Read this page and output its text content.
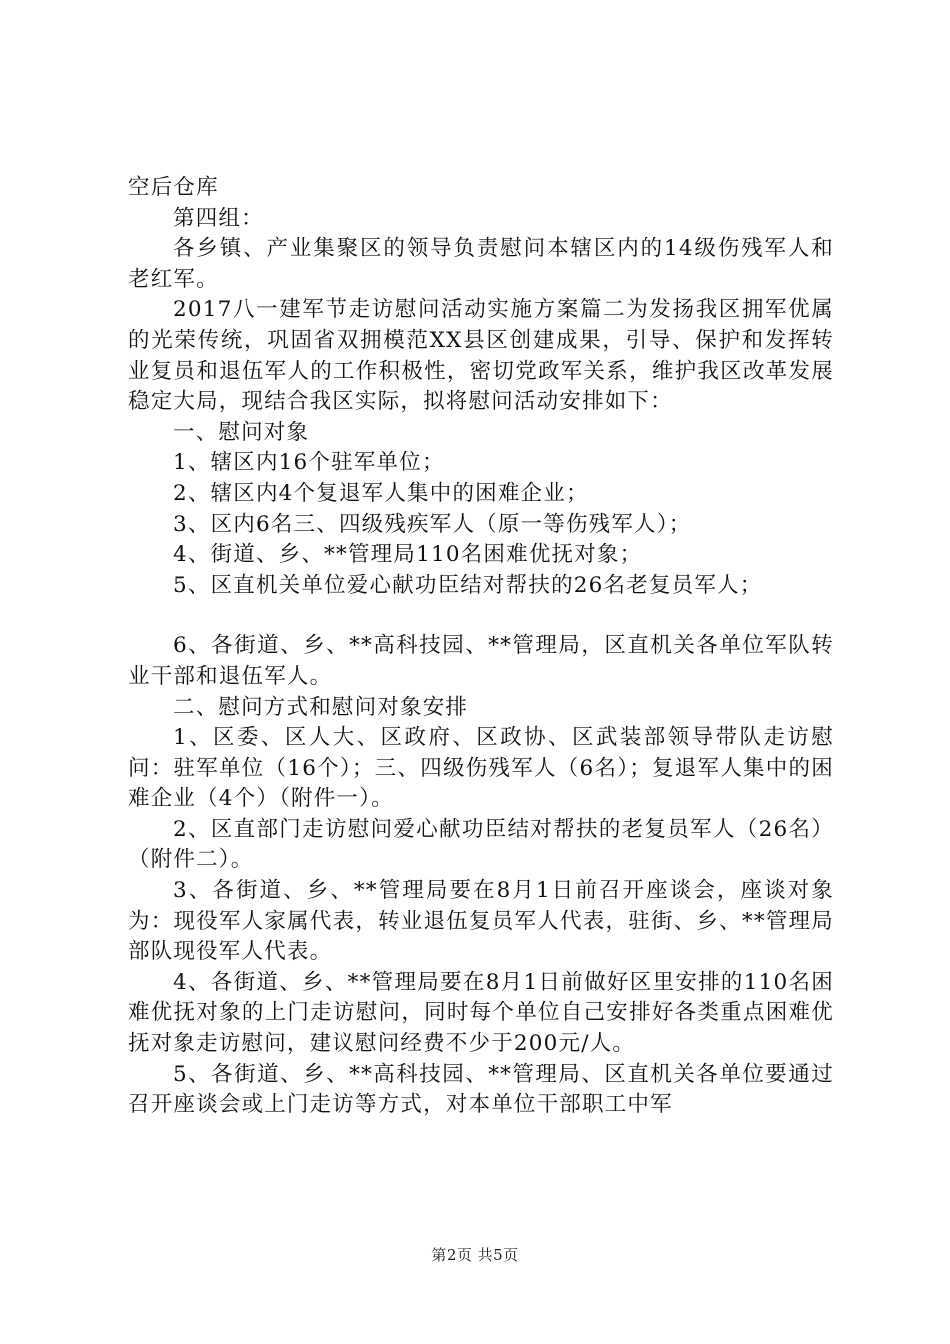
空后仓库

第四组：

各乡镇、产业集聚区的领导负责慰问本辖区内的14级伤残军人和老红军。

2017八一建军节走访慰问活动实施方案篇二为发扬我区拥军优属的光荣传统，巩固省双拥模范XX县区创建成果，引导、保护和发挥转业复员和退伍军人的工作积极性，密切党政军关系，维护我区改革发展稳定大局，现结合我区实际，拟将慰问活动安排如下：

一、慰问对象

1、辖区内16个驻军单位；

2、辖区内4个复退军人集中的困难企业；

3、区内6名三、四级残疾军人（原一等伤残军人）；

4、街道、乡、**管理局110名困难优抚对象；

5、区直机关单位爱心献功臣结对帮扶的26名老复员军人；

6、各街道、乡、**高科技园、**管理局，区直机关各单位军队转业干部和退伍军人。

二、慰问方式和慰问对象安排

1、区委、区人大、区政府、区政协、区武装部领导带队走访慰问：驻军单位（16个）；三、四级伤残军人（6名）；复退军人集中的困难企业（4个）（附件一）。

2、区直部门走访慰问爱心献功臣结对帮扶的老复员军人（26名）（附件二）。

3、各街道、乡、**管理局要在8月1日前召开座谈会，座谈对象为：现役军人家属代表，转业退伍复员军人代表，驻街、乡、**管理局部队现役军人代表。

4、各街道、乡、**管理局要在8月1日前做好区里安排的110名困难优抚对象的上门走访慰问，同时每个单位自己安排好各类重点困难优抚对象走访慰问，建议慰问经费不少于200元/人。

5、各街道、乡、**高科技园、**管理局、区直机关各单位要通过召开座谈会或上门走访等方式，对本单位干部职工中军

第2页 共5页
